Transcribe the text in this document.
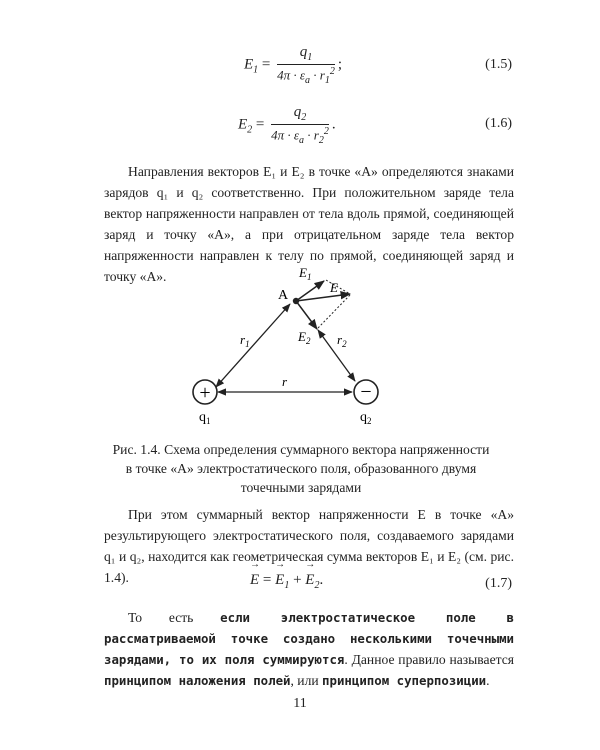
$E_1 = \frac{q_1}{4\pi \cdot \varepsilon_a \cdot r_1^2}$ ;	(1.5)
$E_2 = \frac{q_2}{4\pi \cdot \varepsilon_a \cdot r_2^2}$ .	(1.6)

Направления векторов E₁ и E₂ в точке «А» определяются знаками зарядов q₁ и q₂ соответственно. При положительном заряде тела вектор напряженности направлен от тела вдоль прямой, соединяющей заряд и точку «А», а при отрицательном заряде тела вектор напряженности направлен к телу по прямой, соединяющей заряд и точку «А».

A
$E_1$
E
$E_2$
$r_1$	$r_2$
r
+	−
$q_1$	$q_2$
Рис. 1.4. Схема определения суммарного вектора напряженности
в точке «А» электростатического поля, образованного двумя
точечными зарядами

При этом суммарный вектор напряженности E в точке «А» результирующего электростатического поля, создаваемого зарядами q₁ и q₂, находится как геометрическая сумма векторов E₁ и E₂ (см. рис. 1.4).	→ E = → $E_1$ + → $E_2$.	(1.7)

То есть если электростатическое поле в рассматриваемой точке создано несколькими точечными зарядами, то их поля суммируются. Данное правило называется принципом наложения полей, или принципом суперпозиции.

11
